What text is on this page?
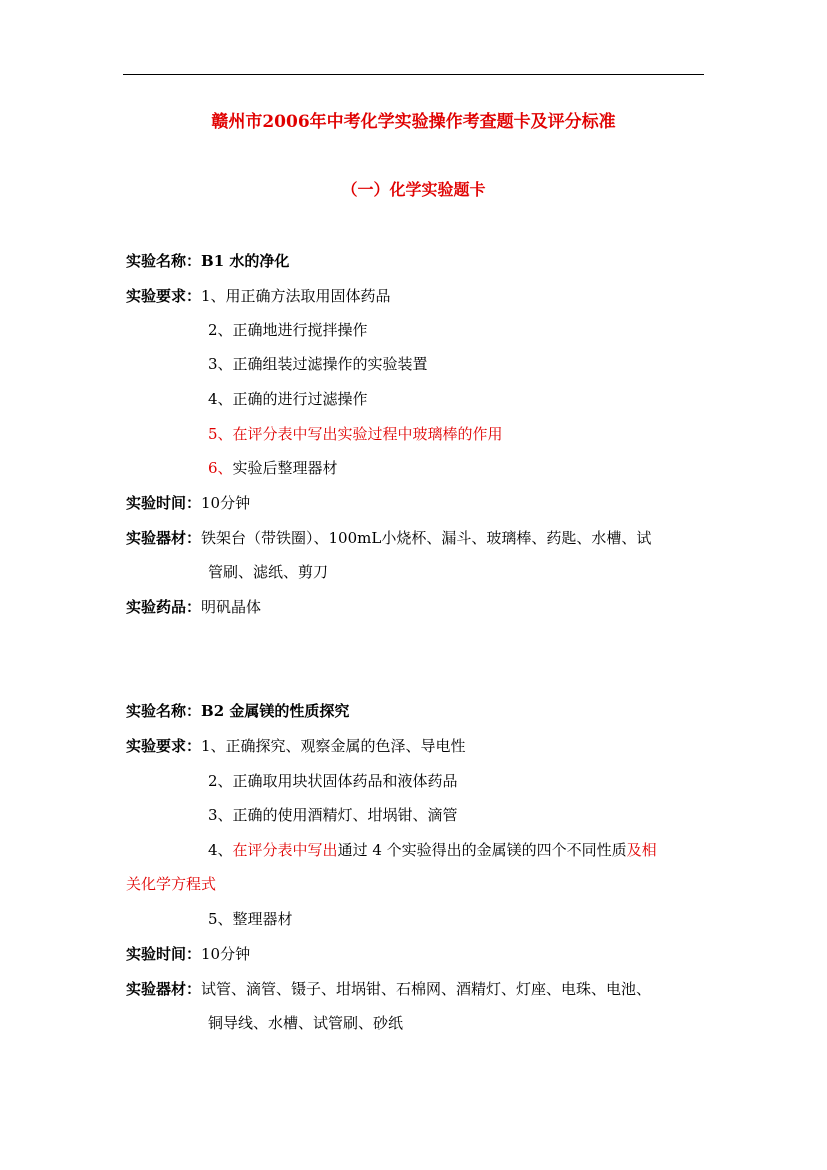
赣州市2006年中考化学实验操作考查题卡及评分标准
（一）化学实验题卡
实验名称：B1 水的净化
实验要求：1、用正确方法取用固体药品
2、正确地进行搅拌操作
3、正确组装过滤操作的实验装置
4、正确的进行过滤操作
5、在评分表中写出实验过程中玻璃棒的作用
6、实验后整理器材
实验时间：10分钟
实验器材：铁架台（带铁圈）、100mL小烧杯、漏斗、玻璃棒、药匙、水槽、试
管刷、滤纸、剪刀
实验药品：明矾晶体
实验名称：B2 金属镁的性质探究
实验要求：1、正确探究、观察金属的色泽、导电性
2、正确取用块状固体药品和液体药品
3、正确的使用酒精灯、坩埚钳、滴管
4、在评分表中写出通过 4 个实验得出的金属镁的四个不同性质及相
关化学方程式
5、整理器材
实验时间：10分钟
实验器材：试管、滴管、镊子、坩埚钳、石棉网、酒精灯、灯座、电珠、电池、
铜导线、水槽、试管刷、砂纸
